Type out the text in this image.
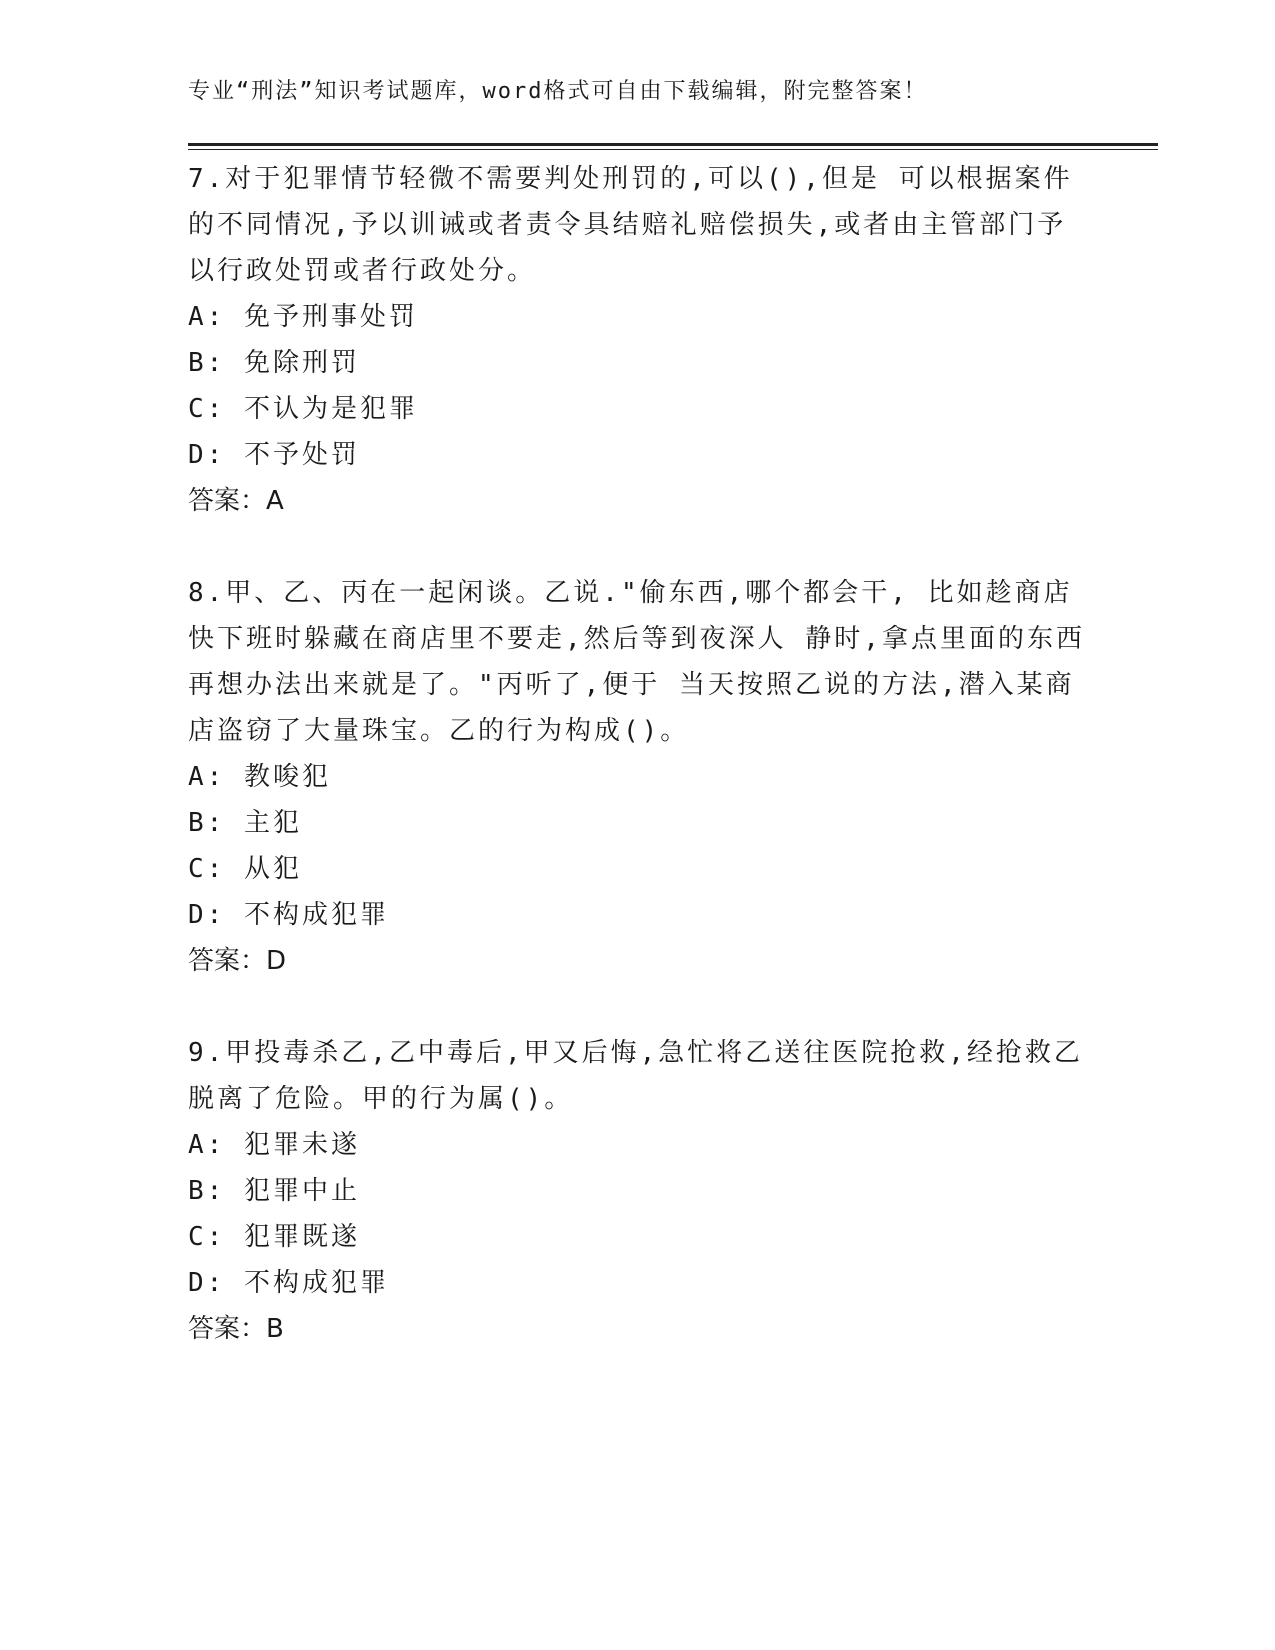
专业“刑法”知识考试题库，word格式可自由下载编辑，附完整答案！

7.对于犯罪情节轻微不需要判处刑罚的,可以(),但是 可以根据案件的不同情况,予以训诫或者责令具结赔礼赔偿损失,或者由主管部门予以行政处罚或者行政处分。

A: 免予刑事处罚

B: 免除刑罚

C: 不认为是犯罪

D: 不予处罚

答案：A

8.甲、乙、丙在一起闲谈。乙说."偷东西,哪个都会干, 比如趁商店快下班时躲藏在商店里不要走,然后等到夜深人 静时,拿点里面的东西再想办法出来就是了。"丙听了,便于 当天按照乙说的方法,潜入某商店盗窃了大量珠宝。乙的行为构成()。

A: 教唆犯

B: 主犯

C: 从犯

D: 不构成犯罪

答案：D

9.甲投毒杀乙,乙中毒后,甲又后悔,急忙将乙送往医院抢救,经抢救乙脱离了危险。甲的行为属()。

A: 犯罪未遂

B: 犯罪中止

C: 犯罪既遂

D: 不构成犯罪

答案：B
